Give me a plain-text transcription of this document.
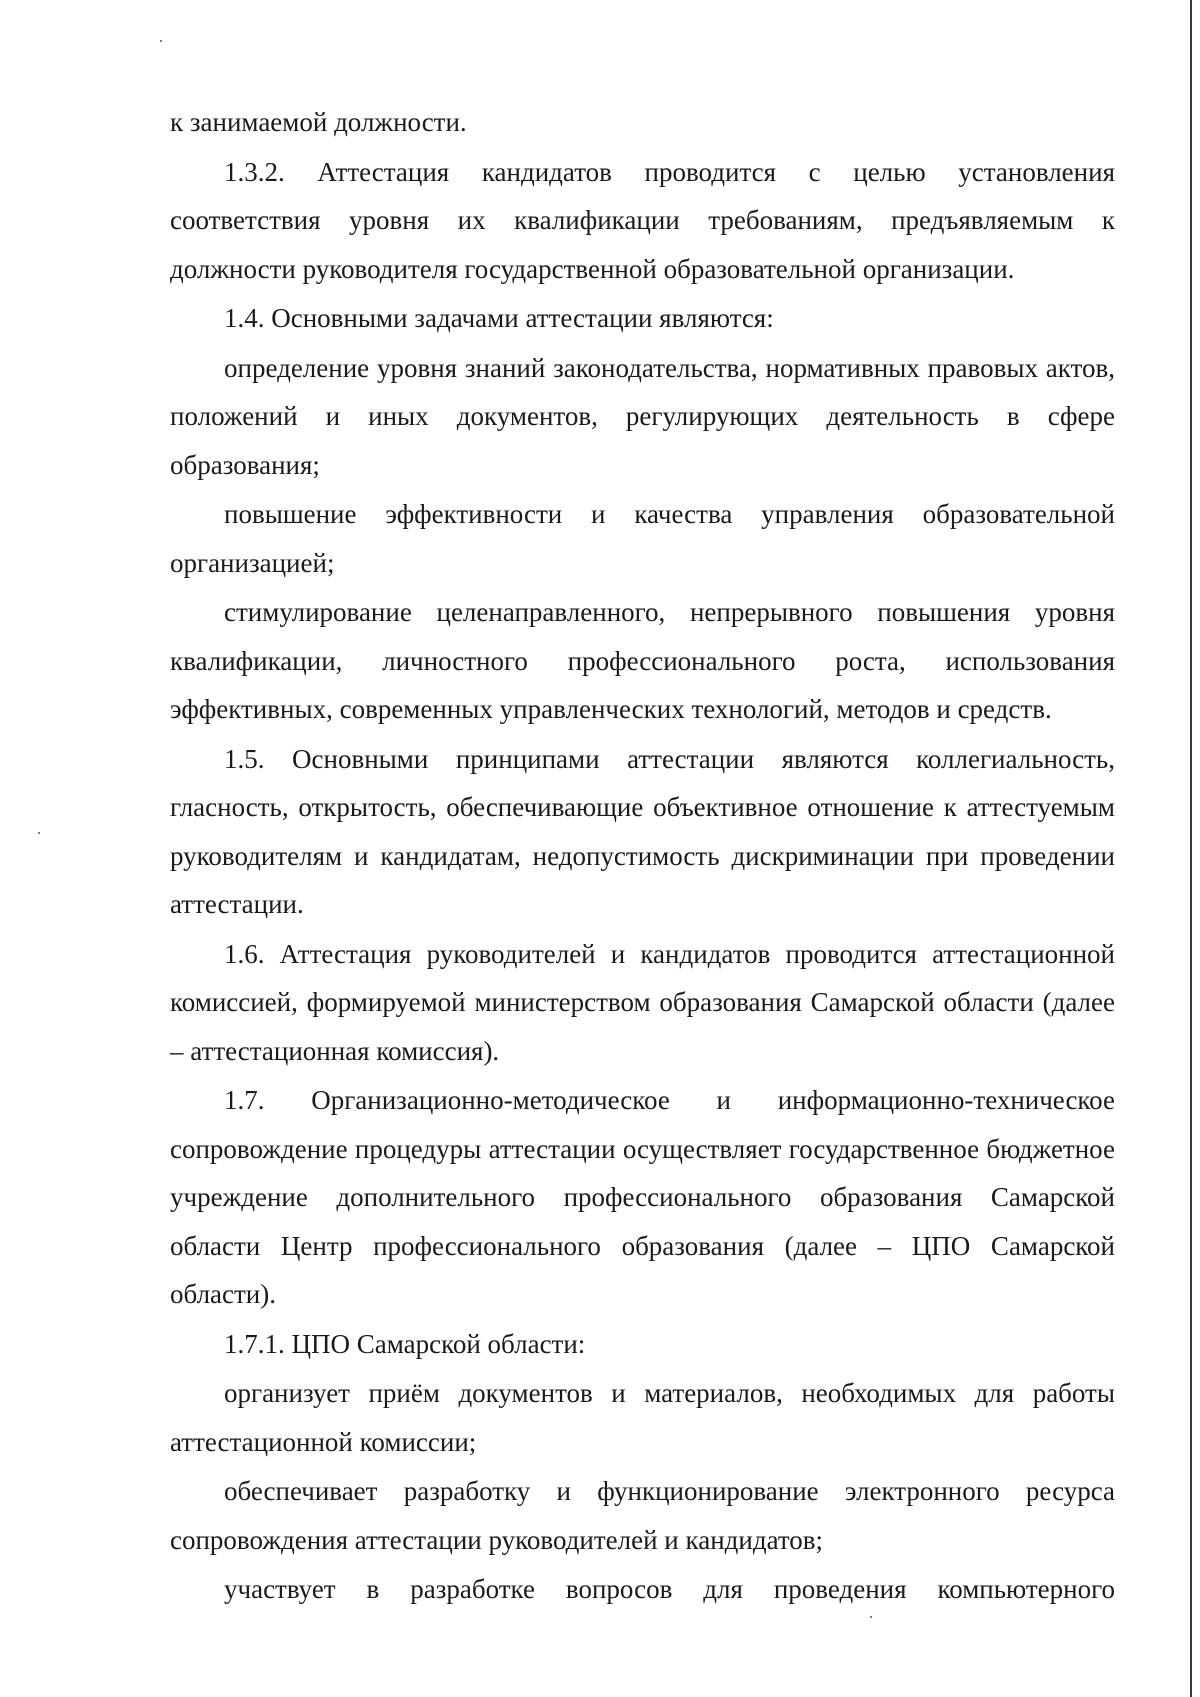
к занимаемой должности.

1.3.2. Аттестация кандидатов проводится с целью установления соответствия уровня их квалификации требованиям, предъявляемым к должности руководителя государственной образовательной организации.

1.4. Основными задачами аттестации являются:

определение уровня знаний законодательства, нормативных правовых актов, положений и иных документов, регулирующих деятельность в сфере образования;

повышение эффективности и качества управления образовательной организацией;

стимулирование целенаправленного, непрерывного повышения уровня квалификации, личностного профессионального роста, использования эффективных, современных управленческих технологий, методов и средств.

1.5. Основными принципами аттестации являются коллегиальность, гласность, открытость, обеспечивающие объективное отношение к аттестуемым руководителям и кандидатам, недопустимость дискриминации при проведении аттестации.

1.6. Аттестация руководителей и кандидатов проводится аттестационной комиссией, формируемой министерством образования Самарской области (далее – аттестационная комиссия).

1.7. Организационно-методическое и информационно-техническое сопровождение процедуры аттестации осуществляет государственное бюджетное учреждение дополнительного профессионального образования Самарской области Центр профессионального образования (далее – ЦПО Самарской области).

1.7.1. ЦПО Самарской области:

организует приём документов и материалов, необходимых для работы аттестационной комиссии;

обеспечивает разработку и функционирование электронного ресурса сопровождения аттестации руководителей и кандидатов;

участвует в разработке вопросов для проведения компьютерного
